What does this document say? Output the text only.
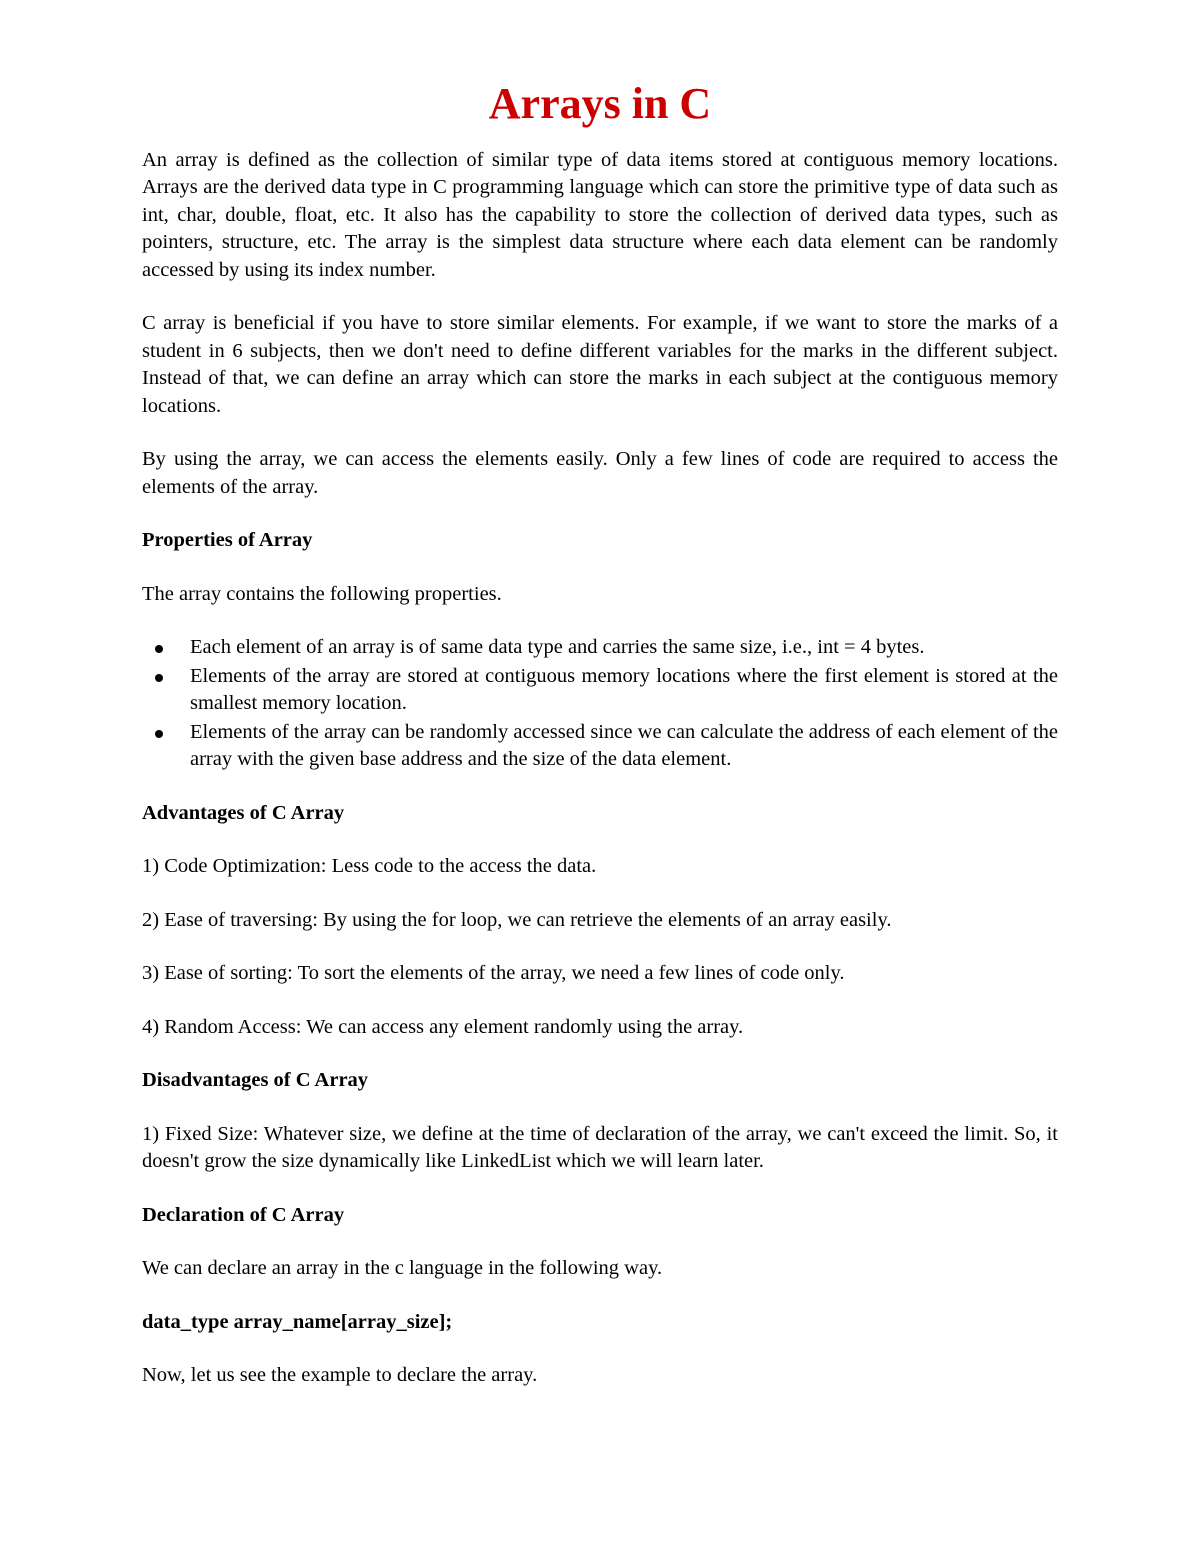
Arrays in C

An array is defined as the collection of similar type of data items stored at contiguous memory locations. Arrays are the derived data type in C programming language which can store the primitive type of data such as int, char, double, float, etc. It also has the capability to store the collection of derived data types, such as pointers, structure, etc. The array is the simplest data structure where each data element can be randomly accessed by using its index number.

C array is beneficial if you have to store similar elements. For example, if we want to store the marks of a student in 6 subjects, then we don't need to define different variables for the marks in the different subject. Instead of that, we can define an array which can store the marks in each subject at the contiguous memory locations.

By using the array, we can access the elements easily. Only a few lines of code are required to access the elements of the array.

Properties of Array

The array contains the following properties.

Each element of an array is of same data type and carries the same size, i.e., int = 4 bytes.
Elements of the array are stored at contiguous memory locations where the first element is stored at the smallest memory location.
Elements of the array can be randomly accessed since we can calculate the address of each element of the array with the given base address and the size of the data element.

Advantages of C Array

1) Code Optimization: Less code to the access the data.

2) Ease of traversing: By using the for loop, we can retrieve the elements of an array easily.

3) Ease of sorting: To sort the elements of the array, we need a few lines of code only.

4) Random Access: We can access any element randomly using the array.

Disadvantages of C Array

1) Fixed Size: Whatever size, we define at the time of declaration of the array, we can't exceed the limit. So, it doesn't grow the size dynamically like LinkedList which we will learn later.

Declaration of C Array

We can declare an array in the c language in the following way.

data_type array_name[array_size];

Now, let us see the example to declare the array.
